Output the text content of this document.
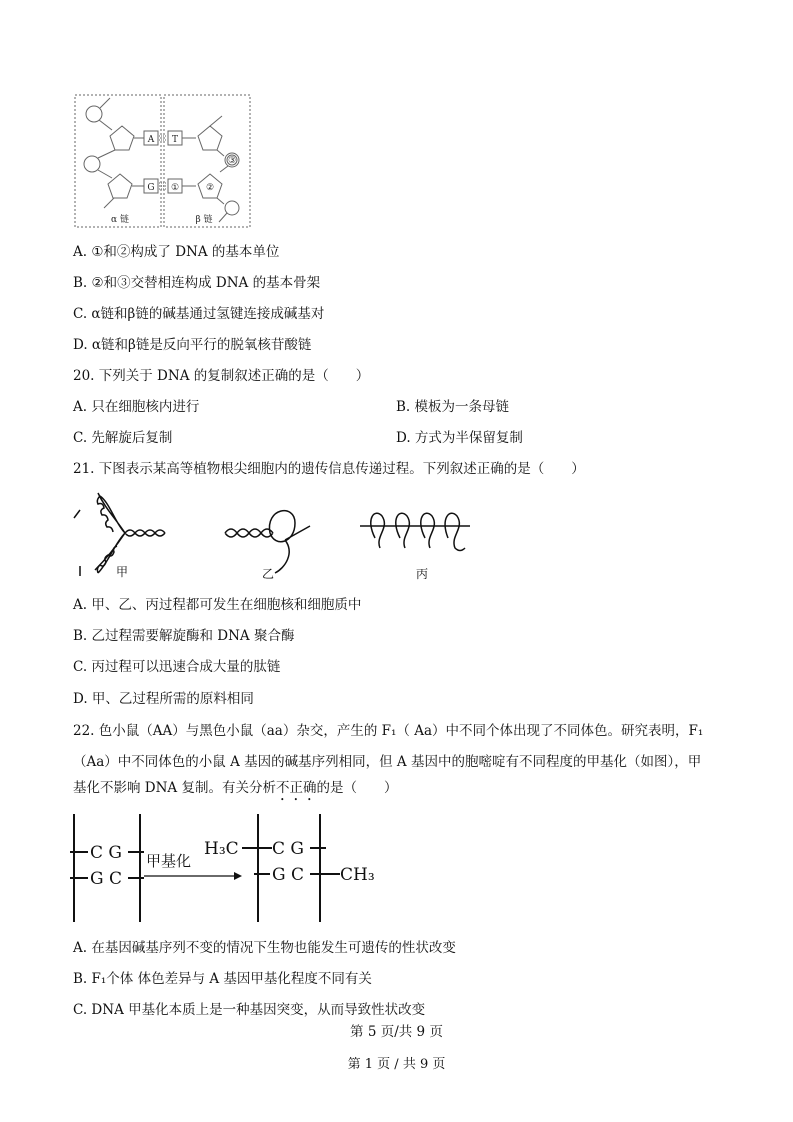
A T
G ①	②
③
α 链	β 链
A. ①和②构成了 DNA 的基本单位
B. ②和③交替相连构成 DNA 的基本骨架
C. α链和β链的碱基通过氢键连接成碱基对
D. α链和β链是反向平行的脱氧核苷酸链
20. 下列关于 DNA 的复制叙述正确的是（　　）
A. 只在细胞核内进行	B. 模板为一条母链
C. 先解旋后复制	D. 方式为半保留复制
21. 下图表示某高等植物根尖细胞内的遗传信息传递过程。下列叙述正确的是（　　）
甲	乙	丙
A. 甲、乙、丙过程都可发生在细胞核和细胞质中
B. 乙过程需要解旋酶和 DNA 聚合酶
C. 丙过程可以迅速合成大量的肽链
D. 甲、乙过程所需的原料相同
22. 色小鼠（AA）与黑色小鼠（aa）杂交，产生的 F₁（ Aa）中不同个体出现了不同体色。研究表明，F₁
（Aa）中不同体色的小鼠 A 基因的碱基序列相同，但 A 基因中的胞嘧啶有不同程度的甲基化（如图），甲
基化不影响 DNA 复制。有关分析不正确的是（　　）
C G
G C
甲基化
H₃C C G
G C CH₃
A. 在基因碱基序列不变的情况下生物也能发生可遗传的性状改变
B. F₁个体 体色差异与 A 基因甲基化程度不同有关
C. DNA 甲基化本质上是一种基因突变，从而导致性状改变
第 5 页/共 9 页
第 1 页 / 共 9 页
